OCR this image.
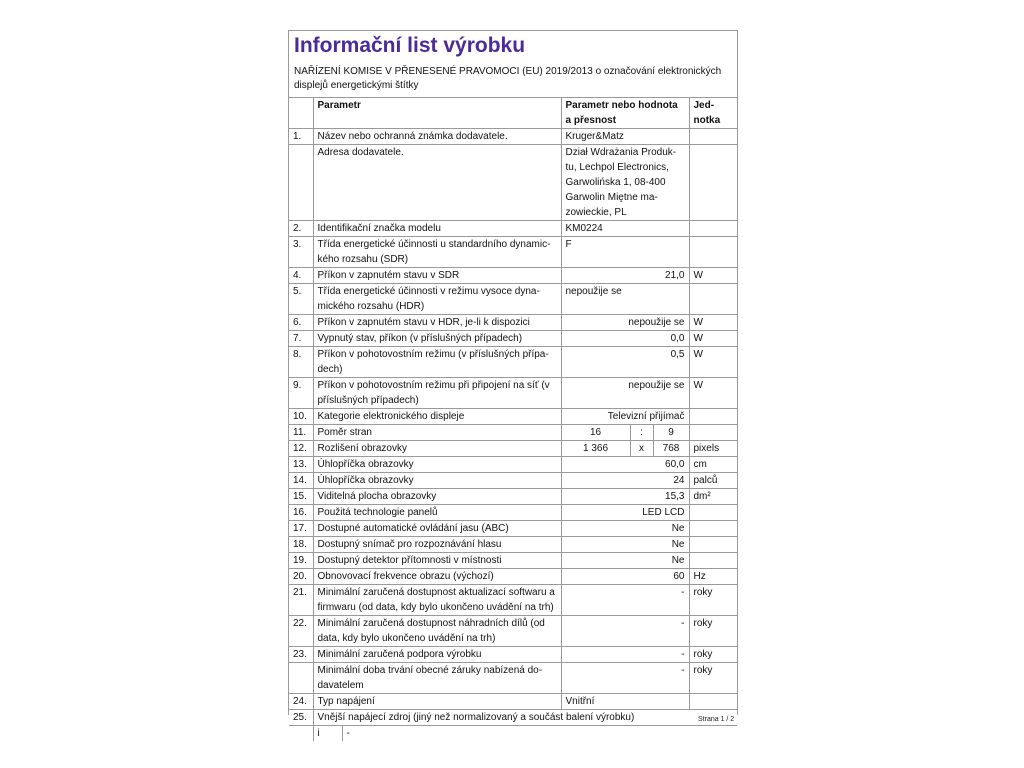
Informační list výrobku
NAŘÍZENÍ KOMISE V PŘENESENÉ PRAVOMOCI (EU) 2019/2013 o označování elektronických displejů energetickými štítky
	Parametr	Parametr nebo hodnota a přesnost	Jed-notka
1.	Název nebo ochranná známka dodavatele.	Kruger&Matz	
	Adresa dodavatele.	Dział Wdrażania Produk-tu, Lechpol Electronics, Garwolińska 1, 08-400 Garwolin Miętne ma-zowieckie, PL	
2.	Identifikační značka modelu	KM0224	
3.	Třída energetické účinnosti u standardního dynamic-kého rozsahu (SDR)	F	
4.	Příkon v zapnutém stavu v SDR	21,0	W
5.	Třída energetické účinnosti v režimu vysoce dyna-mického rozsahu (HDR)	nepoužije se	
6.	Příkon v zapnutém stavu v HDR, je-li k dispozici	nepoužije se	W
7.	Vypnutý stav, příkon (v příslušných případech)	0,0	W
8.	Příkon v pohotovostním režimu (v příslušných přípa-dech)	0,5	W
9.	Příkon v pohotovostním režimu při připojení na síť (v příslušných případech)	nepoužije se	W
10.	Kategorie elektronického displeje	Televizní přijímač	
11.	Poměr stran	16 : 9	

12.	Rozlišení obrazovky	1 366 x 768	pixels
13.	Úhlopříčka obrazovky	60,0	cm
14.	Úhlopříčka obrazovky	24	palců
15.	Viditelná plocha obrazovky	15,3	dm²
16.	Použitá technologie panelů	LED LCD	
17.	Dostupné automatické ovládání jasu (ABC)	Ne	
18.	Dostupný snímač pro rozpoznávání hlasu	Ne	
19.	Dostupný detektor přítomnosti v místnosti	Ne	
20.	Obnovovací frekvence obrazu (výchozí)	60	Hz
21.	Minimální zaručená dostupnost aktualizací softwaru a firmwaru (od data, kdy bylo ukončeno uvádění na trh)	-	roky
22.	Minimální zaručená dostupnost náhradních dílů (od data, kdy bylo ukončeno uvádění na trh)	-	roky
23.	Minimální zaručená podpora výrobku	-	roky
	Minimální doba trvání obecné záruky nabízená do-davatelem	-	roky
24.	Typ napájení	Vnitřní	
25.	Vnější napájecí zdroj (jiný než normalizovaný a součást balení výrobku)		

	i -		
Strana 1 / 2
